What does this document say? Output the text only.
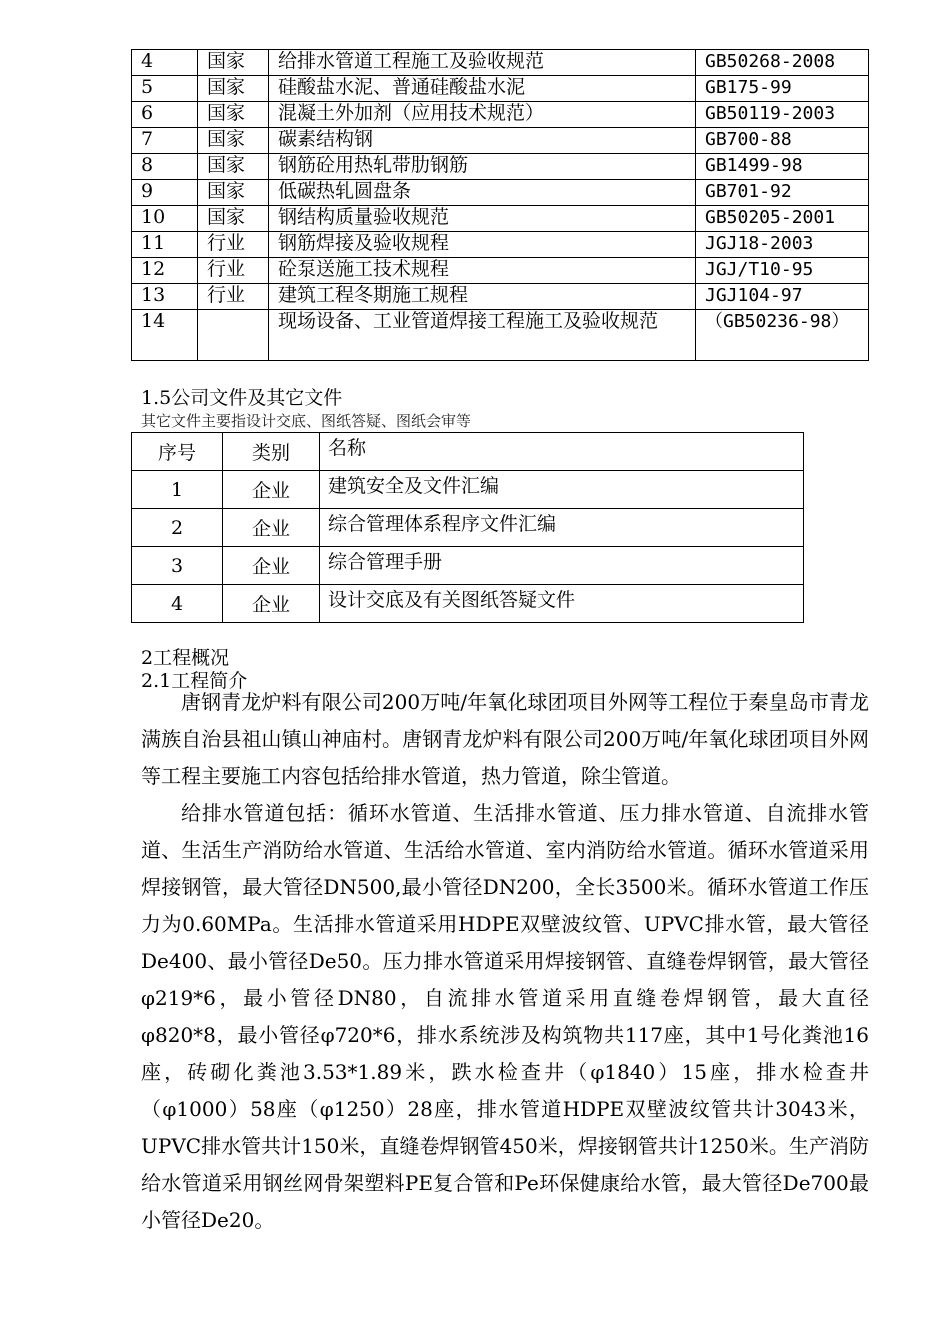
4	国家	给排水管道工程施工及验收规范	GB50268-2008
5	国家	硅酸盐水泥、普通硅酸盐水泥	GB175-99
6	国家	混凝土外加剂（应用技术规范）	GB50119-2003
7	国家	碳素结构钢	GB700-88
8	国家	钢筋砼用热轧带肋钢筋	GB1499-98
9	国家	低碳热轧圆盘条	GB701-92
10	国家	钢结构质量验收规范	GB50205-2001
11	行业	钢筋焊接及验收规程	JGJ18-2003
12	行业	砼泵送施工技术规程	JGJ/T10-95
13	行业	建筑工程冬期施工规程	JGJ104-97
14		现场设备、工业管道焊接工程施工及验收规范	（GB50236-98）
1.5公司文件及其它文件
其它文件主要指设计交底、图纸答疑、图纸会审等
序号	类别	名称
1	企业	建筑安全及文件汇编
2	企业	综合管理体系程序文件汇编
3	企业	综合管理手册
4	企业	设计交底及有关图纸答疑文件
2工程概况
2.1工程简介

唐钢青龙炉料有限公司200万吨/年氧化球团项目外网等工程位于秦皇岛市青龙满族自治县祖山镇山神庙村。唐钢青龙炉料有限公司200万吨/年氧化球团项目外网等工程主要施工内容包括给排水管道，热力管道，除尘管道。

给排水管道包括：循环水管道、生活排水管道、压力排水管道、自流排水管道、生活生产消防给水管道、生活给水管道、室内消防给水管道。循环水管道采用焊接钢管，最大管径DN500,最小管径DN200，全长3500米。循环水管道工作压力为0.60MPa。生活排水管道采用HDPE双壁波纹管、UPVC排水管，最大管径De400、最小管径De50。压力排水管道采用焊接钢管、直缝卷焊钢管，最大管径φ219*6，最小管径DN80，自流排水管道采用直缝卷焊钢管，最大直径φ820*8，最小管径φ720*6，排水系统涉及构筑物共117座，其中1号化粪池16座，砖砌化粪池3.53*1.89米，跌水检查井（φ1840）15座，排水检查井（φ1000）58座（φ1250）28座，排水管道HDPE双壁波纹管共计3043米，UPVC排水管共计150米，直缝卷焊钢管450米，焊接钢管共计1250米。生产消防给水管道采用钢丝网骨架塑料PE复合管和Pe环保健康给水管，最大管径De700最小管径De20。
